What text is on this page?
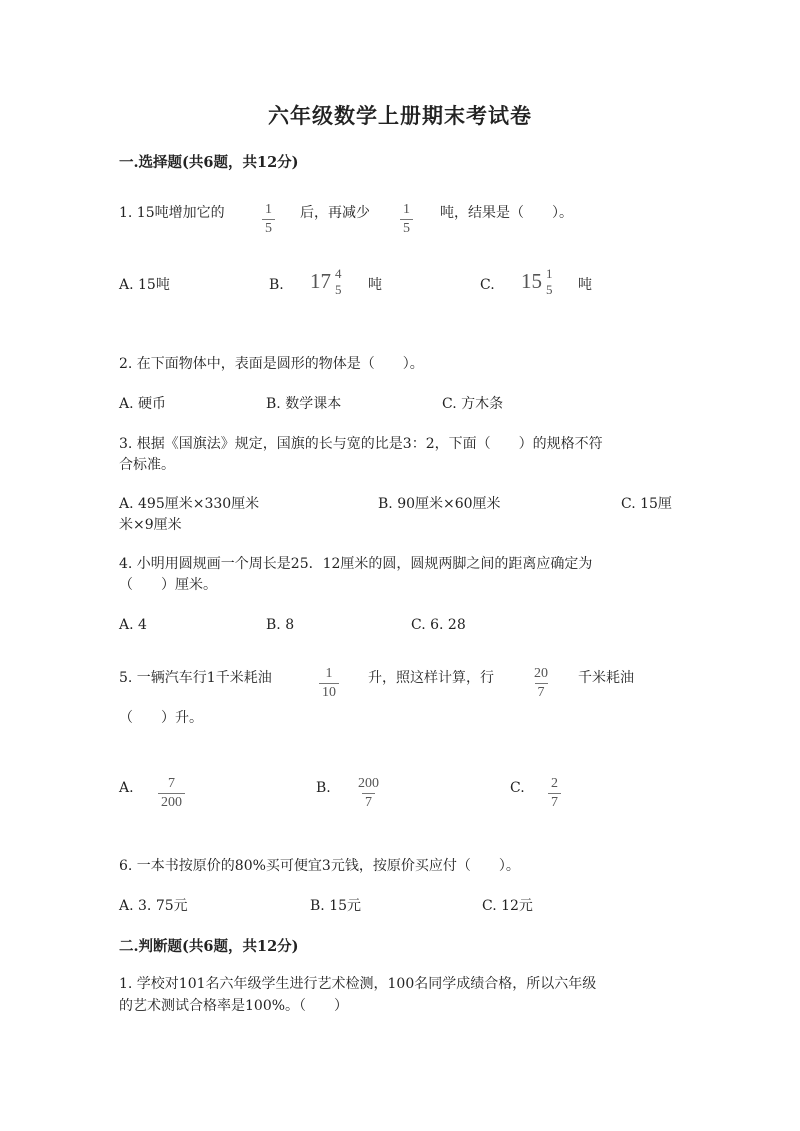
六年级数学上册期末考试卷
一.选择题(共6题，共12分)
1. 15吨增加它的	$\frac{1}{5}$ 后，再减少 $\frac{1}{5}$ 吨，结果是（　　）。
A. 15吨	B. 17 4
5 吨	C. 15 1
5 吨
2. 在下面物体中，表面是圆形的物体是（　　）。
A. 硬币	B. 数学课本	C. 方木条
3. 根据《国旗法》规定，国旗的长与宽的比是3：2，下面（　　）的规格不符
合标准。
A. 495厘米×330厘米	B. 90厘米×60厘米	C. 15厘
米×9厘米
4. 小明用圆规画一个周长是25．12厘米的圆，圆规两脚之间的距离应确定为
（　　）厘米。
A. 4	B. 8	C. 6. 28
5. 一辆汽车行1千米耗油	$\frac{1}{10}$ 升，照这样计算，行	$\frac{20}{7}$ 千米耗油
（　　）升。
A. $\frac{7}{200}$	B. $\frac{200}{7}$	C. $\frac{2}{7}$
6. 一本书按原价的80%买可便宜3元钱，按原价买应付（　　）。
A. 3. 75元	B. 15元	C. 12元
二.判断题(共6题，共12分)
1. 学校对101名六年级学生进行艺术检测，100名同学成绩合格，所以六年级
的艺术测试合格率是100%。（　　）
